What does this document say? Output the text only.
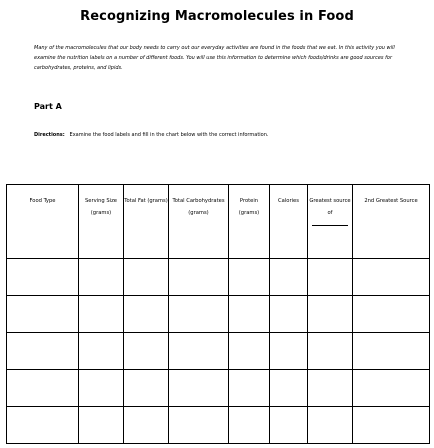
Recognizing Macromolecules in Food
Many of the macromolecules that our body needs to carry out our everyday activities are found in the foods that we eat. In this activity you will examine the nutrition labels on a number of different foods. You will use this information to determine which foods/drinks are good sources for carbohydrates, proteins, and lipids.
Part A
Directions: Examine the food labels and fill in the chart below with the correct information.
Food Type	Serving Size (grams)	Total Fat (grams)	Total Carbohydrates (grams)	Protein (grams)	Calories	Greatest source of	2nd Greatest Source
